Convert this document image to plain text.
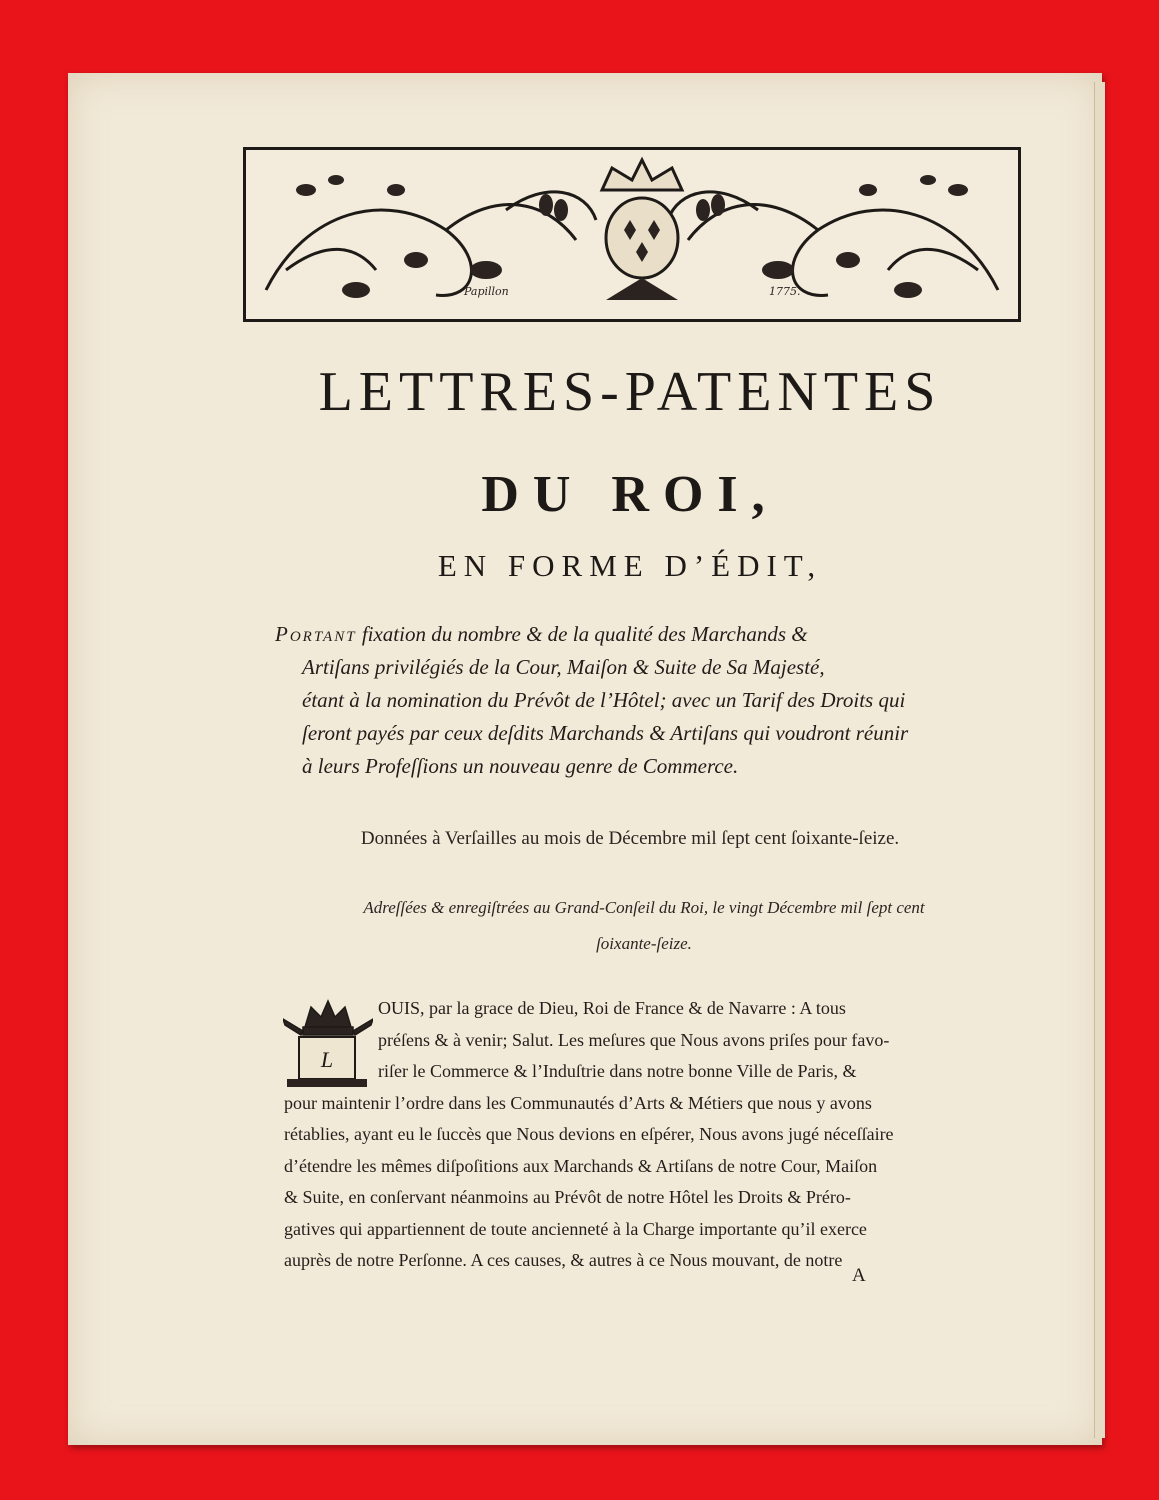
Papillon	1775.
LETTRES-PATENTES
DU ROI,
EN FORME D’ÉDIT,

Portant fixation du nombre & de la qualité des Marchands &

Artiſans privilégiés de la Cour, Maiſon & Suite de Sa Majesté,

étant à la nomination du Prévôt de l’Hôtel; avec un Tarif des Droits qui

ſeront payés par ceux deſdits Marchands & Artiſans qui voudront réunir

à leurs Profeſſions un nouveau genre de Commerce.

Données à Verſailles au mois de Décembre mil ſept cent ſoixante-ſeize.
Adreſſées & enregiſtrées au Grand-Conſeil du Roi, le vingt Décembre mil ſept cent
ſoixante-ſeize.
L
OUIS, par la grace de Dieu, Roi de France & de Navarre : A tous
préſens & à venir; Salut. Les meſures que Nous avons priſes pour favo-
riſer le Commerce & l’Induſtrie dans notre bonne Ville de Paris, &
pour maintenir l’ordre dans les Communautés d’Arts & Métiers que nous y avons
rétablies, ayant eu le ſuccès que Nous devions en eſpérer, Nous avons jugé néceſſaire
d’étendre les mêmes diſpoſitions aux Marchands & Artiſans de notre Cour, Maiſon
& Suite, en conſervant néanmoins au Prévôt de notre Hôtel les Droits & Préro-
gatives qui appartiennent de toute ancienneté à la Charge importante qu’il exerce
auprès de notre Perſonne. A ces causes, & autres à ce Nous mouvant, de notre
A
